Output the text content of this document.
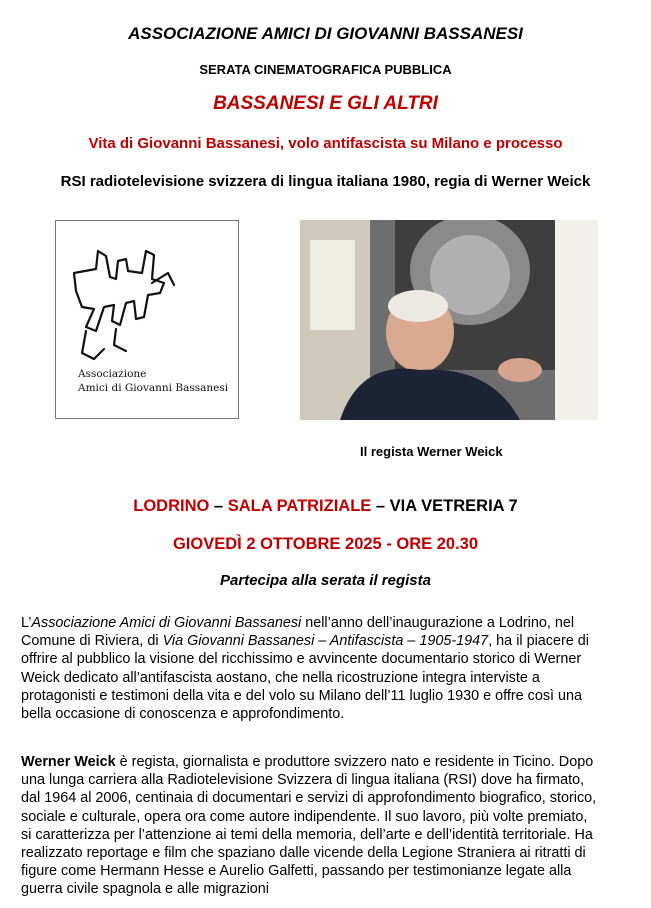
ASSOCIAZIONE AMICI DI GIOVANNI BASSANESI
SERATA CINEMATOGRAFICA PUBBLICA
BASSANESI E GLI ALTRI
Vita di Giovanni Bassanesi, volo antifascista su Milano e processo
RSI radiotelevisione svizzera di lingua italiana 1980, regia di Werner Weick
Associazione
Amici di Giovanni Bassanesi
Il regista Werner Weick
LODRINO – SALA PATRIZIALE – VIA VETRERIA 7
GIOVEDÌ 2 OTTOBRE 2025 - ORE 20.30
Partecipa alla serata il regista
L’Associazione Amici di Giovanni Bassanesi nell’anno dell’inaugurazione a Lodrino, nel
Comune di Riviera, di Via Giovanni Bassanesi – Antifascista – 1905-1947, ha il piacere di
offrire al pubblico la visione del ricchissimo e avvincente documentario storico di Werner
Weick dedicato all’antifascista aostano, che nella ricostruzione integra interviste a
protagonisti e testimoni della vita e del volo su Milano dell’11 luglio 1930 e offre così una
bella occasione di conoscenza e approfondimento.
Werner Weick è regista, giornalista e produttore svizzero nato e residente in Ticino. Dopo
una lunga carriera alla Radiotelevisione Svizzera di lingua italiana (RSI) dove ha firmato,
dal 1964 al 2006, centinaia di documentari e servizi di approfondimento biografico, storico,
sociale e culturale, opera ora come autore indipendente. Il suo lavoro, più volte premiato,
si caratterizza per l’attenzione ai temi della memoria, dell’arte e dell’identità territoriale. Ha
realizzato reportage e film che spaziano dalle vicende della Legione Straniera ai ritratti di
figure come Hermann Hesse e Aurelio Galfetti, passando per testimonianze legate alla
guerra civile spagnola e alle migrazioni
